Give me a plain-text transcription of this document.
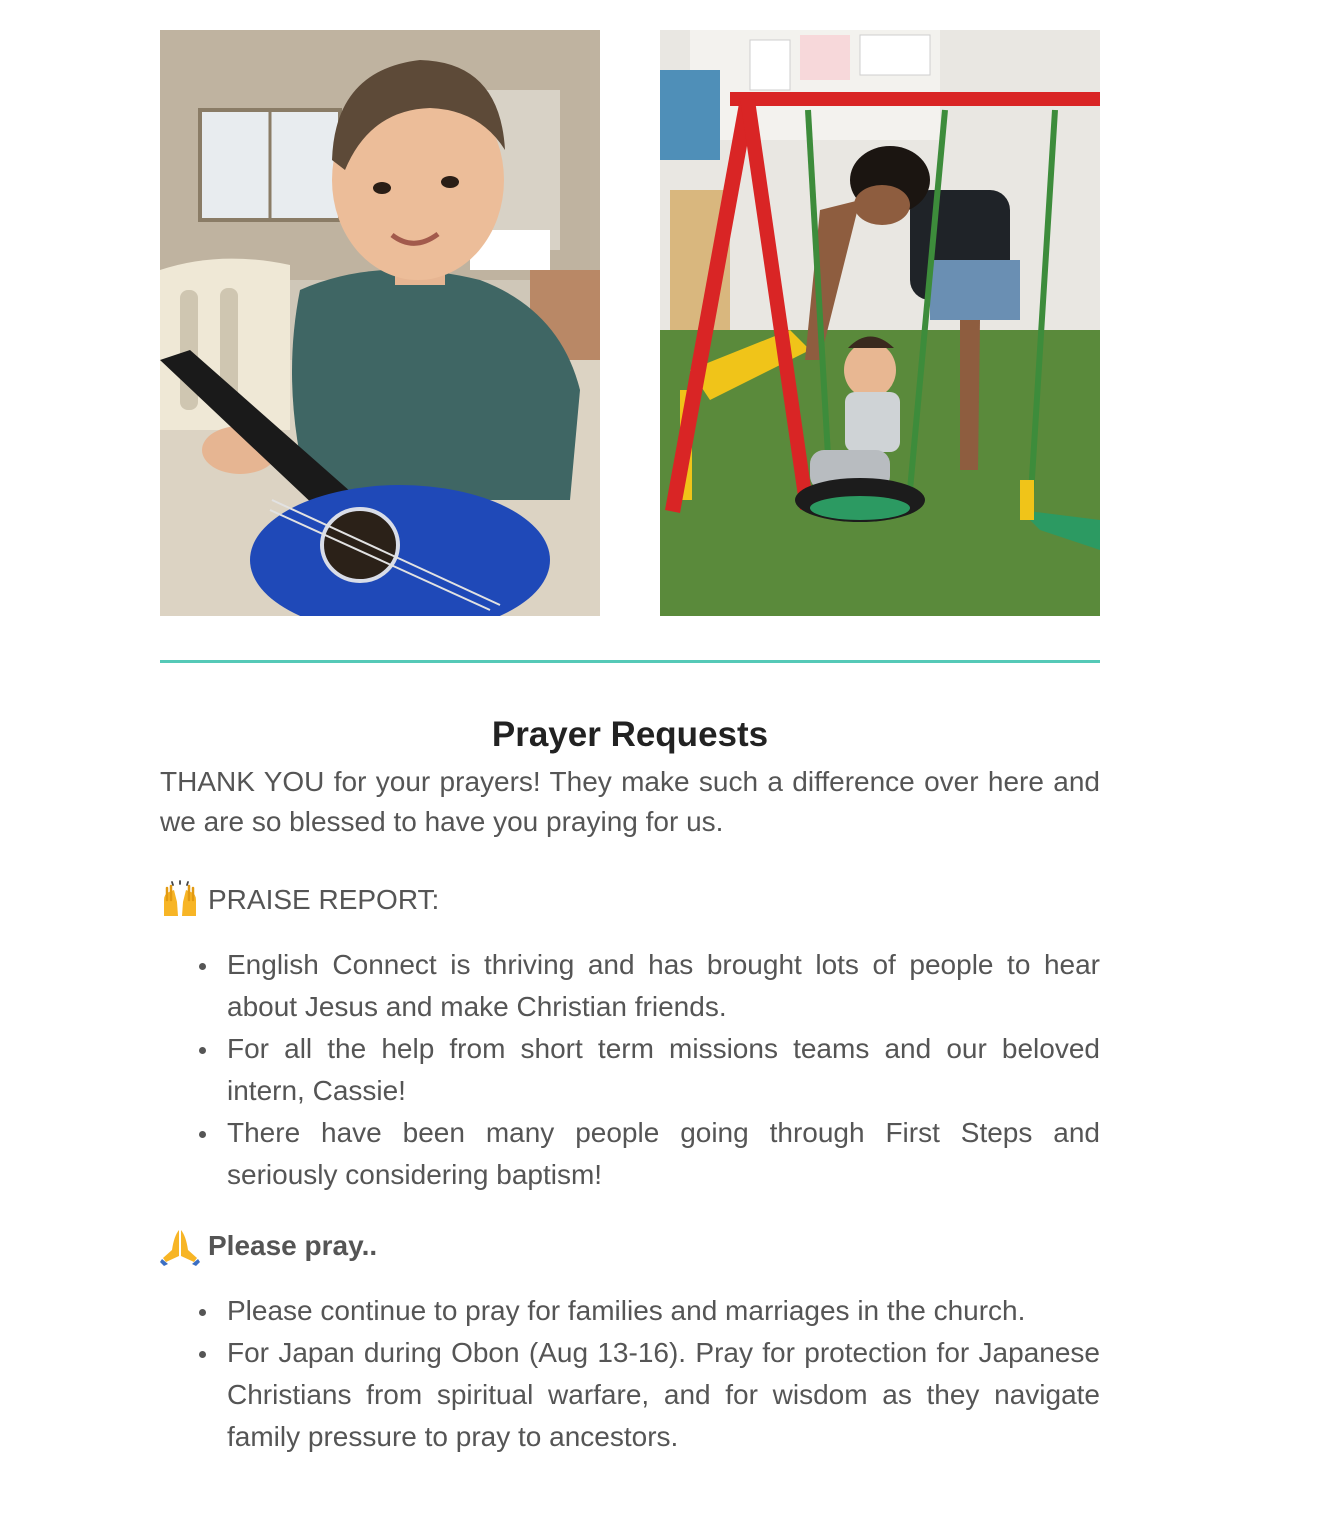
Prayer Requests

THANK YOU for your prayers! They make such a difference over here and we are so blessed to have you praying for us.

PRAISE REPORT:
English Connect is thriving and has brought lots of people to hear about Jesus and make Christian friends.
For all the help from short term missions teams and our beloved intern, Cassie!
There have been many people going through First Steps and seriously considering baptism!
Please pray..
Please continue to pray for families and marriages in the church.
For Japan during Obon (Aug 13-16). Pray for protection for Japanese Christians from spiritual warfare, and for wisdom as they navigate family pressure to pray to ancestors.
